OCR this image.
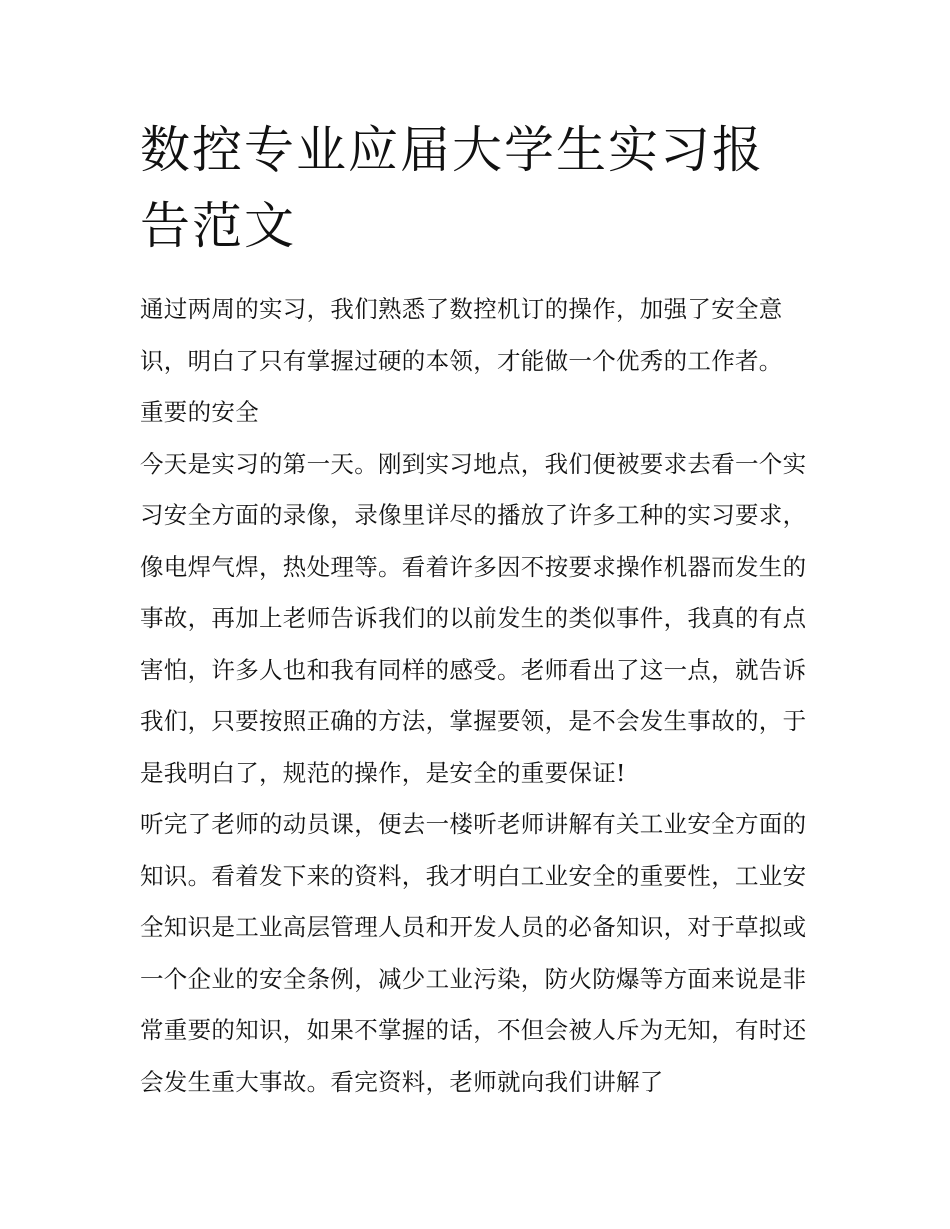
数控专业应届大学生实习报告范文

通过两周的实习，我们熟悉了数控机订的操作，加强了安全意识，明白了只有掌握过硬的本领，才能做一个优秀的工作者。

重要的安全

今天是实习的第一天。刚到实习地点，我们便被要求去看一个实习安全方面的录像，录像里详尽的播放了许多工种的实习要求，像电焊气焊，热处理等。看着许多因不按要求操作机器而发生的事故，再加上老师告诉我们的以前发生的类似事件，我真的有点害怕，许多人也和我有同样的感受。老师看出了这一点，就告诉我们，只要按照正确的方法，掌握要领，是不会发生事故的，于是我明白了，规范的操作，是安全的重要保证!

听完了老师的动员课，便去一楼听老师讲解有关工业安全方面的知识。看着发下来的资料，我才明白工业安全的重要性，工业安全知识是工业高层管理人员和开发人员的必备知识，对于草拟或一个企业的安全条例，减少工业污染，防火防爆等方面来说是非常重要的知识，如果不掌握的话，不但会被人斥为无知，有时还会发生重大事故。看完资料，老师就向我们讲解了
